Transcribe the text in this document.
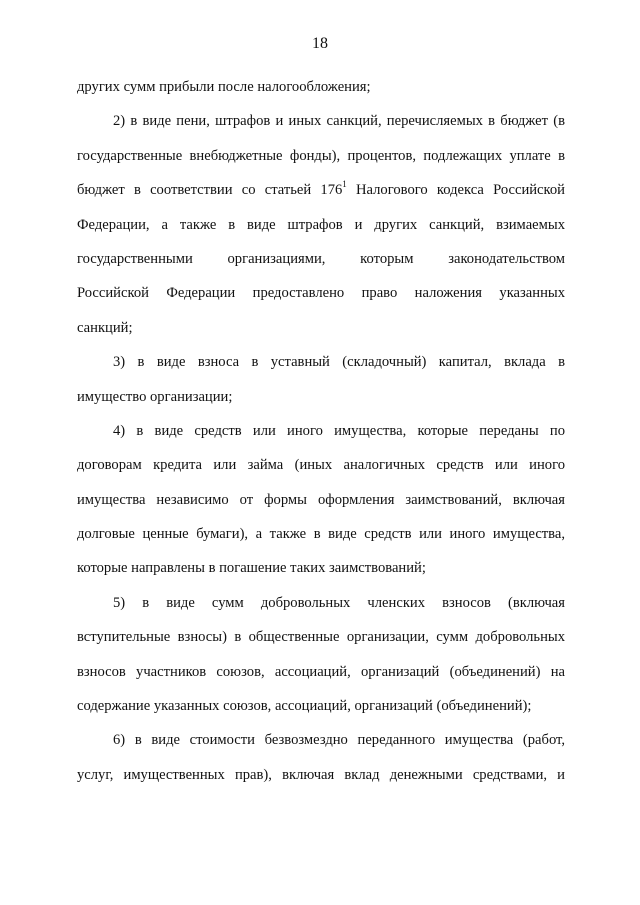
18
других сумм прибыли после налогообложения;
2) в виде пени, штрафов и иных санкций, перечисляемых в бюджет (в
государственные внебюджетные фонды), процентов, подлежащих уплате в
бюджет в соответствии со статьей $176^1$ Налогового кодекса Российской
Федерации, а также в виде штрафов и других санкций, взимаемых
государственными организациями, которым законодательством
Российской Федерации предоставлено право наложения указанных
санкций;
3) в виде взноса в уставный (складочный) капитал, вклада в
имущество организации;
4) в виде средств или иного имущества, которые переданы по
договорам кредита или займа (иных аналогичных средств или иного
имущества независимо от формы оформления заимствований, включая
долговые ценные бумаги), а также в виде средств или иного имущества,
которые направлены в погашение таких заимствований;
5) в виде сумм добровольных членских взносов (включая
вступительные взносы) в общественные организации, сумм добровольных
взносов участников союзов, ассоциаций, организаций (объединений) на
содержание указанных союзов, ассоциаций, организаций (объединений);
6) в виде стоимости безвозмездно переданного имущества (работ,
услуг, имущественных прав), включая вклад денежными средствами, и
